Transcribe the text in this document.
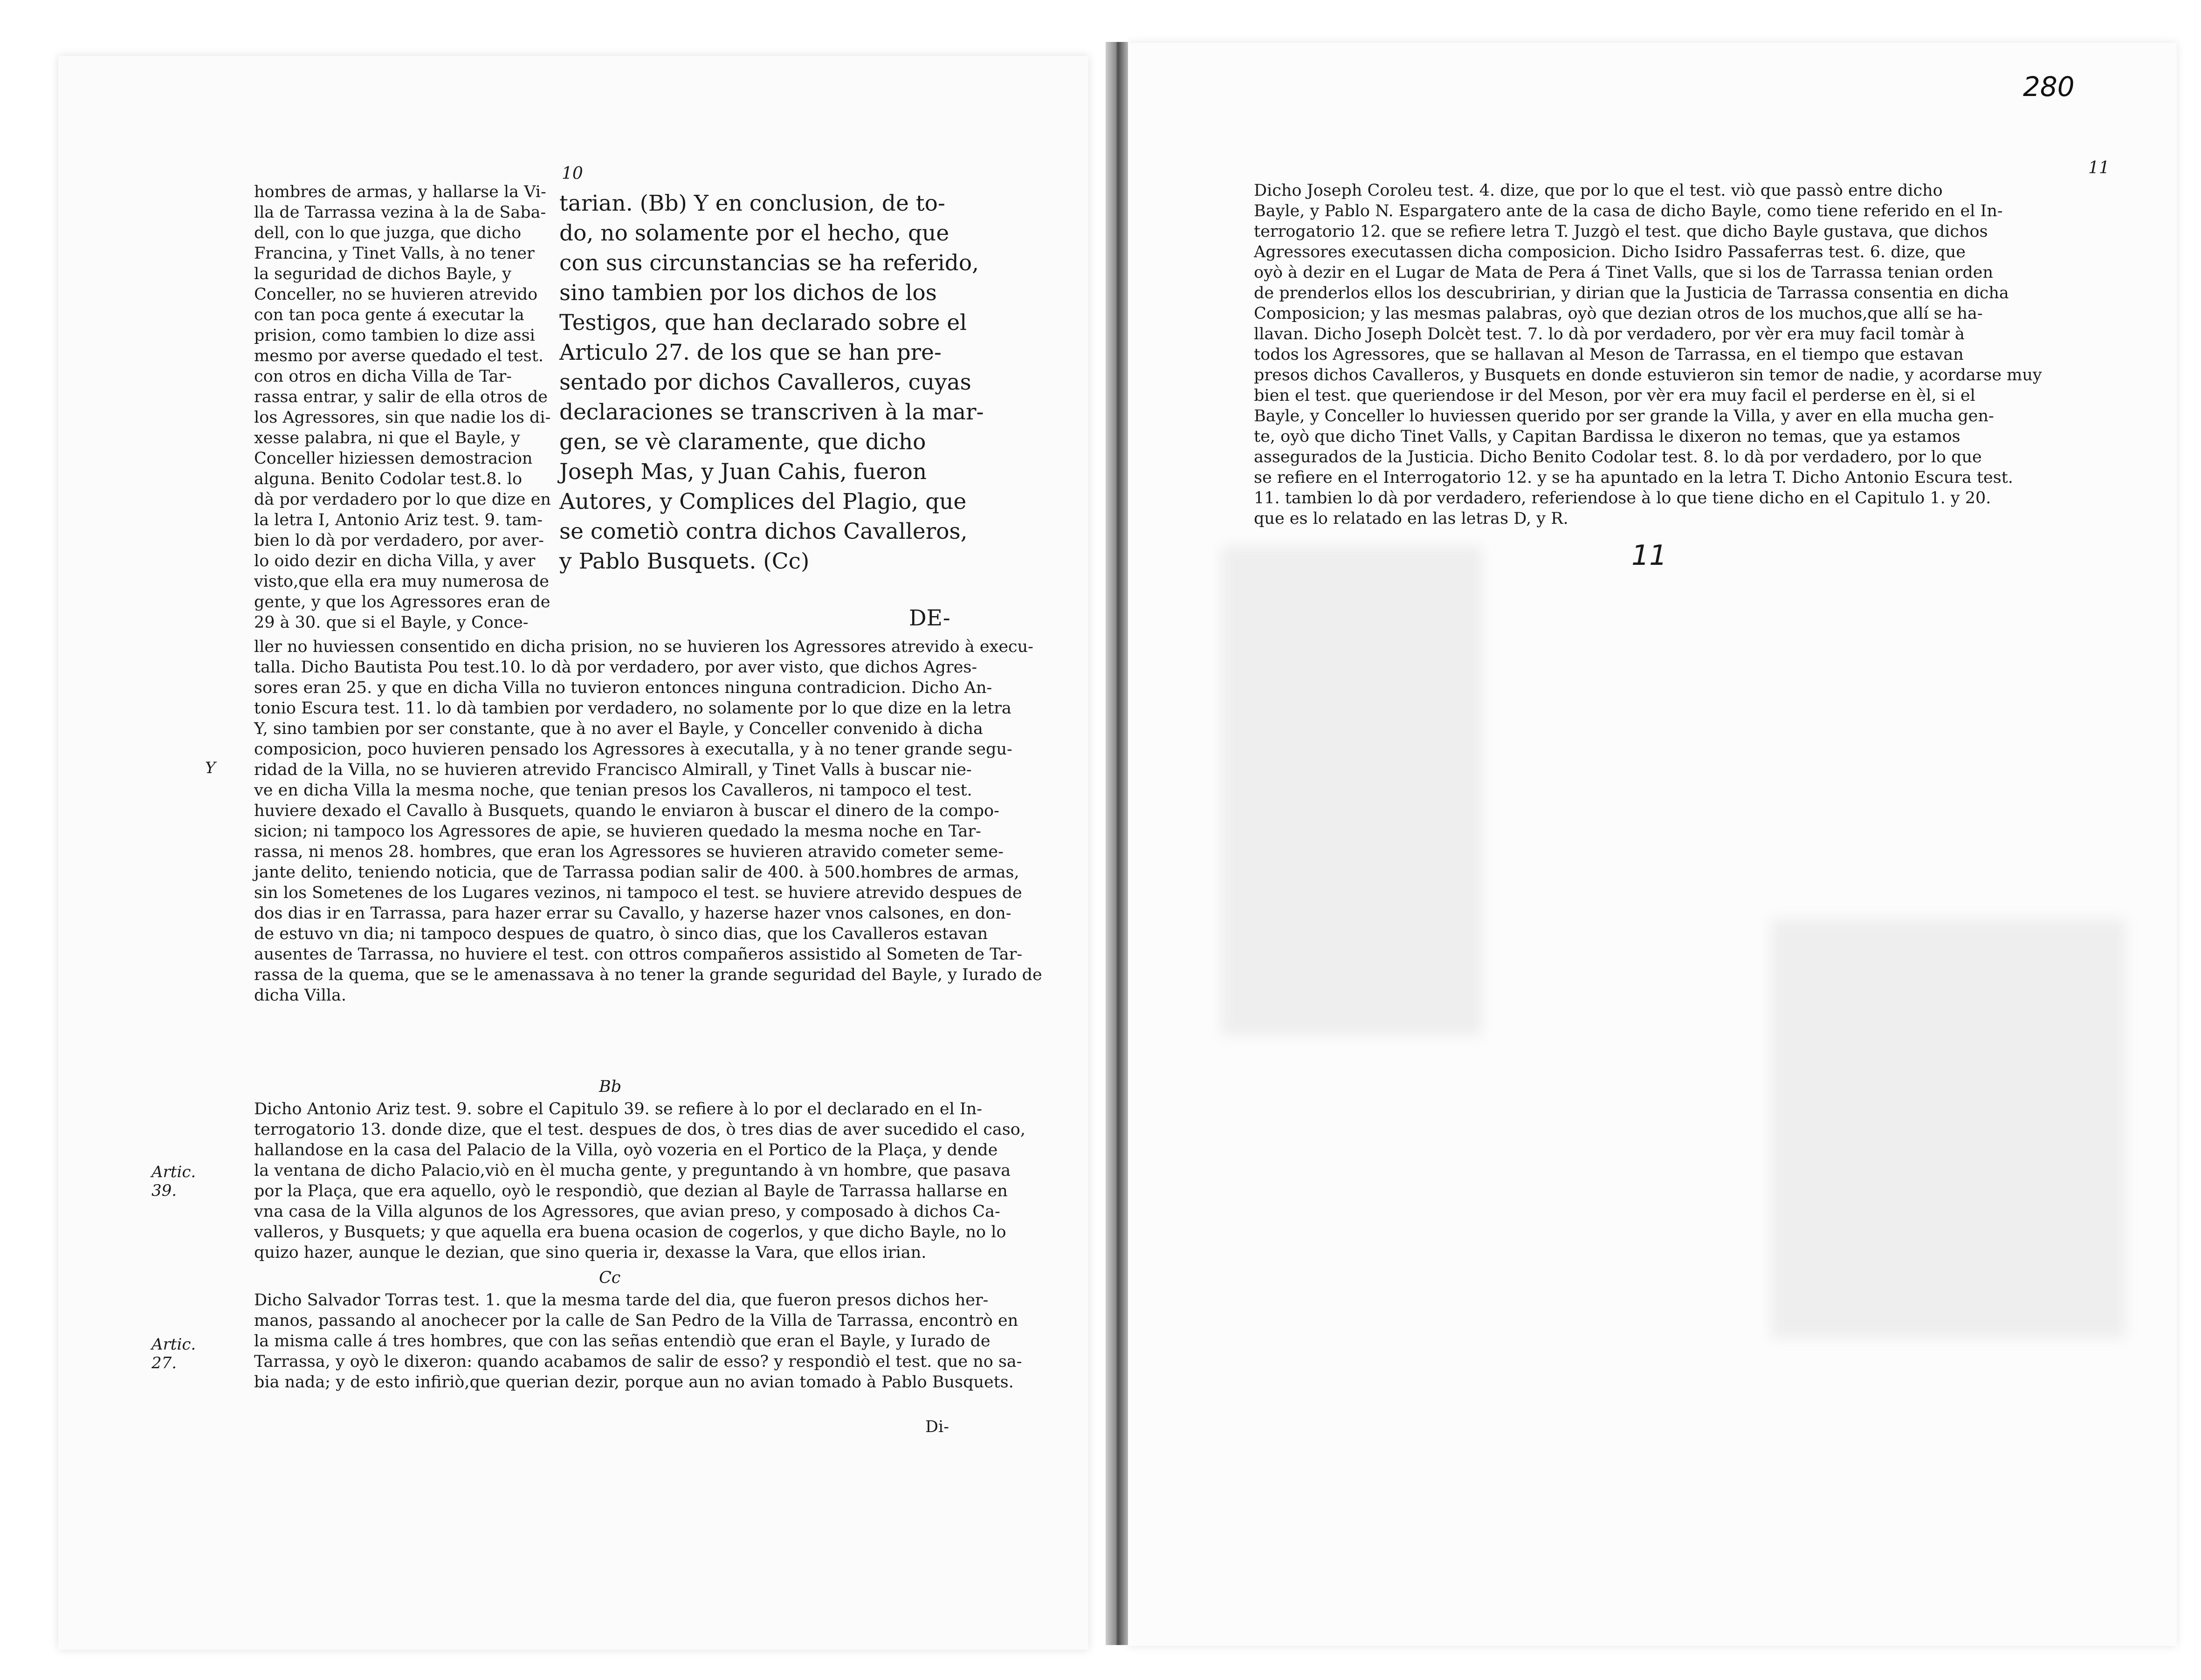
10

hombres de armas, y hallarse la Vi-

lla de Tarrassa vezina à la de Saba-

dell, con lo que juzga, que dicho

Francina, y Tinet Valls, à no tener

la seguridad de dichos Bayle, y

Conceller, no se huvieren atrevido

con tan poca gente á executar la

prision, como tambien lo dize assi

mesmo por averse quedado el test.

con otros en dicha Villa de Tar-

rassa entrar, y salir de ella otros de

los Agressores, sin que nadie los di-

xesse palabra, ni que el Bayle, y

Conceller hiziessen demostracion

alguna. Benito Codolar test.8. lo

dà por verdadero por lo que dize en

la letra I, Antonio Ariz test. 9. tam-

bien lo dà por verdadero, por aver-

lo oido dezir en dicha Villa, y aver

visto,que ella era muy numerosa de

gente, y que los Agressores eran de

29 à 30. que si el Bayle, y Conce-

tarian. (Bb) Y en conclusion, de to-

do, no solamente por el hecho, que

con sus circunstancias se ha referido,

sino tambien por los dichos de los

Testigos, que han declarado sobre el

Articulo 27. de los que se han pre-

sentado por dichos Cavalleros, cuyas

declaraciones se transcriven à la mar-

gen, se vè claramente, que dicho

Joseph Mas, y Juan Cahis, fueron

Autores, y Complices del Plagio, que

se cometiò contra dichos Cavalleros,

y Pablo Busquets. (Cc)

DE-

ller no huviessen consentido en dicha prision, no se huvieren los Agressores atrevido à execu-

talla. Dicho Bautista Pou test.10. lo dà por verdadero, por aver visto, que dichos Agres-

sores eran 25. y que en dicha Villa no tuvieron entonces ninguna contradicion. Dicho An-

tonio Escura test. 11. lo dà tambien por verdadero, no solamente por lo que dize en la letra

Y, sino tambien por ser constante, que à no aver el Bayle, y Conceller convenido à dicha

composicion, poco huvieren pensado los Agressores à executalla, y à no tener grande segu-

ridad de la Villa, no se huvieren atrevido Francisco Almirall, y Tinet Valls à buscar nie-

ve en dicha Villa la mesma noche, que tenian presos los Cavalleros, ni tampoco el test.

huviere dexado el Cavallo à Busquets, quando le enviaron à buscar el dinero de la compo-

sicion; ni tampoco los Agressores de apie, se huvieren quedado la mesma noche en Tar-

rassa, ni menos 28. hombres, que eran los Agressores se huvieren atravido cometer seme-

jante delito, teniendo noticia, que de Tarrassa podian salir de 400. à 500.hombres de armas,

sin los Sometenes de los Lugares vezinos, ni tampoco el test. se huviere atrevido despues de

dos dias ir en Tarrassa, para hazer errar su Cavallo, y hazerse hazer vnos calsones, en don-

de estuvo vn dia; ni tampoco despues de quatro, ò sinco dias, que los Cavalleros estavan

ausentes de Tarrassa, no huviere el test. con ottros compañeros assistido al Someten de Tar-

rassa de la quema, que se le amenassava à no tener la grande seguridad del Bayle, y Iurado de

dicha Villa.

Y
Bb

Dicho Antonio Ariz test. 9. sobre el Capitulo 39. se refiere à lo por el declarado en el In-

terrogatorio 13. donde dize, que el test. despues de dos, ò tres dias de aver sucedido el caso,

hallandose en la casa del Palacio de la Villa, oyò vozeria en el Portico de la Plaça, y dende

la ventana de dicho Palacio,viò en èl mucha gente, y preguntando à vn hombre, que pasava

por la Plaça, que era aquello, oyò le respondiò, que dezian al Bayle de Tarrassa hallarse en

vna casa de la Villa algunos de los Agressores, que avian preso, y composado à dichos Ca-

valleros, y Busquets; y que aquella era buena ocasion de cogerlos, y que dicho Bayle, no lo

quizo hazer, aunque le dezian, que sino queria ir, dexasse la Vara, que ellos irian.

Artic.
39.
Cc

Dicho Salvador Torras test. 1. que la mesma tarde del dia, que fueron presos dichos her-

manos, passando al anochecer por la calle de San Pedro de la Villa de Tarrassa, encontrò en

la misma calle á tres hombres, que con las señas entendiò que eran el Bayle, y Iurado de

Tarrassa, y oyò le dixeron: quando acabamos de salir de esso? y respondiò el test. que no sa-

bia nada; y de esto infiriò,que querian dezir, porque aun no avian tomado à Pablo Busquets.

Artic.
27.
Di-
280
11

Dicho Joseph Coroleu test. 4. dize, que por lo que el test. viò que passò entre dicho

Bayle, y Pablo N. Espargatero ante de la casa de dicho Bayle, como tiene referido en el In-

terrogatorio 12. que se refiere letra T. Juzgò el test. que dicho Bayle gustava, que dichos

Agressores executassen dicha composicion. Dicho Isidro Passaferras test. 6. dize, que

oyò à dezir en el Lugar de Mata de Pera á Tinet Valls, que si los de Tarrassa tenian orden

de prenderlos ellos los descubririan, y dirian que la Justicia de Tarrassa consentia en dicha

Composicion; y las mesmas palabras, oyò que dezian otros de los muchos,que allí se ha-

llavan. Dicho Joseph Dolcèt test. 7. lo dà por verdadero, por vèr era muy facil tomàr à

todos los Agressores, que se hallavan al Meson de Tarrassa, en el tiempo que estavan

presos dichos Cavalleros, y Busquets en donde estuvieron sin temor de nadie, y acordarse muy

bien el test. que queriendose ir del Meson, por vèr era muy facil el perderse en èl, si el

Bayle, y Conceller lo huviessen querido por ser grande la Villa, y aver en ella mucha gen-

te, oyò que dicho Tinet Valls, y Capitan Bardissa le dixeron no temas, que ya estamos

assegurados de la Justicia. Dicho Benito Codolar test. 8. lo dà por verdadero, por lo que

se refiere en el Interrogatorio 12. y se ha apuntado en la letra T. Dicho Antonio Escura test.

11. tambien lo dà por verdadero, referiendose à lo que tiene dicho en el Capitulo 1. y 20.

que es lo relatado en las letras D, y R.

11
